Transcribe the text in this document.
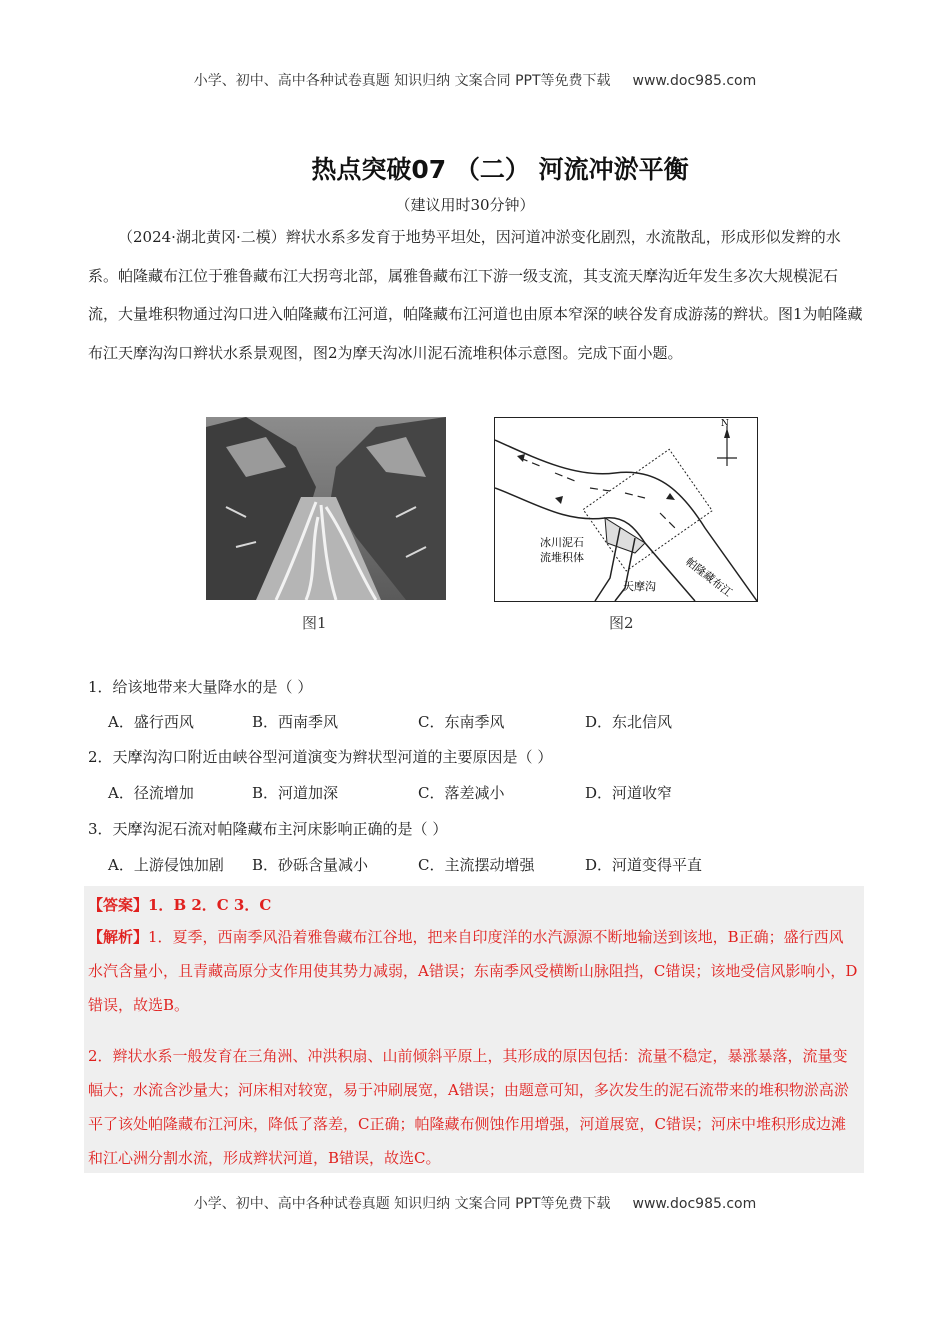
小学、初中、高中各种试卷真题 知识归纳 文案合同 PPT等免费下载 www.doc985.com
热点突破07 （二） 河流冲淤平衡
（建议用时30分钟）

（2024·湖北黄冈·二模）辫状水系多发育于地势平坦处，因河道冲淤变化剧烈，水流散乱，形成形似发辫的水系。帕隆藏布江位于雅鲁藏布江大拐弯北部，属雅鲁藏布江下游一级支流，其支流天摩沟近年发生多次大规模泥石流，大量堆积物通过沟口进入帕隆藏布江河道，帕隆藏布江河道也由原本窄深的峡谷发育成游荡的辫状。图1为帕隆藏布江天摩沟沟口辫状水系景观图，图2为摩天沟冰川泥石流堆积体示意图。完成下面小题。

N
冰川泥石
流堆积体	帕隆藏布江
天摩沟
图1	图2
1．给该地带来大量降水的是（ ）
A．盛行西风	B．西南季风	C．东南季风	D．东北信风
2．天摩沟沟口附近由峡谷型河道演变为辫状型河道的主要原因是（ ）
A．径流增加	B．河道加深	C．落差减小	D．河道收窄
3．天摩沟泥石流对帕隆藏布主河床影响正确的是（ ）
A．上游侵蚀加剧 B．砂砾含量减小	C．主流摆动增强	D．河道变得平直
【答案】1．B 2．C 3．C

【解析】1．夏季，西南季风沿着雅鲁藏布江谷地，把来自印度洋的水汽源源不断地输送到该地，B正确；盛行西风水汽含量小，且青藏高原分支作用使其势力减弱，A错误；东南季风受横断山脉阻挡，C错误；该地受信风影响小，D错误，故选B。

2．辫状水系一般发育在三角洲、冲洪积扇、山前倾斜平原上，其形成的原因包括：流量不稳定，暴涨暴落，流量变幅大；水流含沙量大；河床相对较宽，易于冲刷展宽，A错误；由题意可知，多次发生的泥石流带来的堆积物淤高淤平了该处帕隆藏布江河床，降低了落差，C正确；帕隆藏布侧蚀作用增强，河道展宽，C错误；河床中堆积形成边滩和江心洲分割水流，形成辫状河道，B错误，故选C。

小学、初中、高中各种试卷真题 知识归纳 文案合同 PPT等免费下载 www.doc985.com
